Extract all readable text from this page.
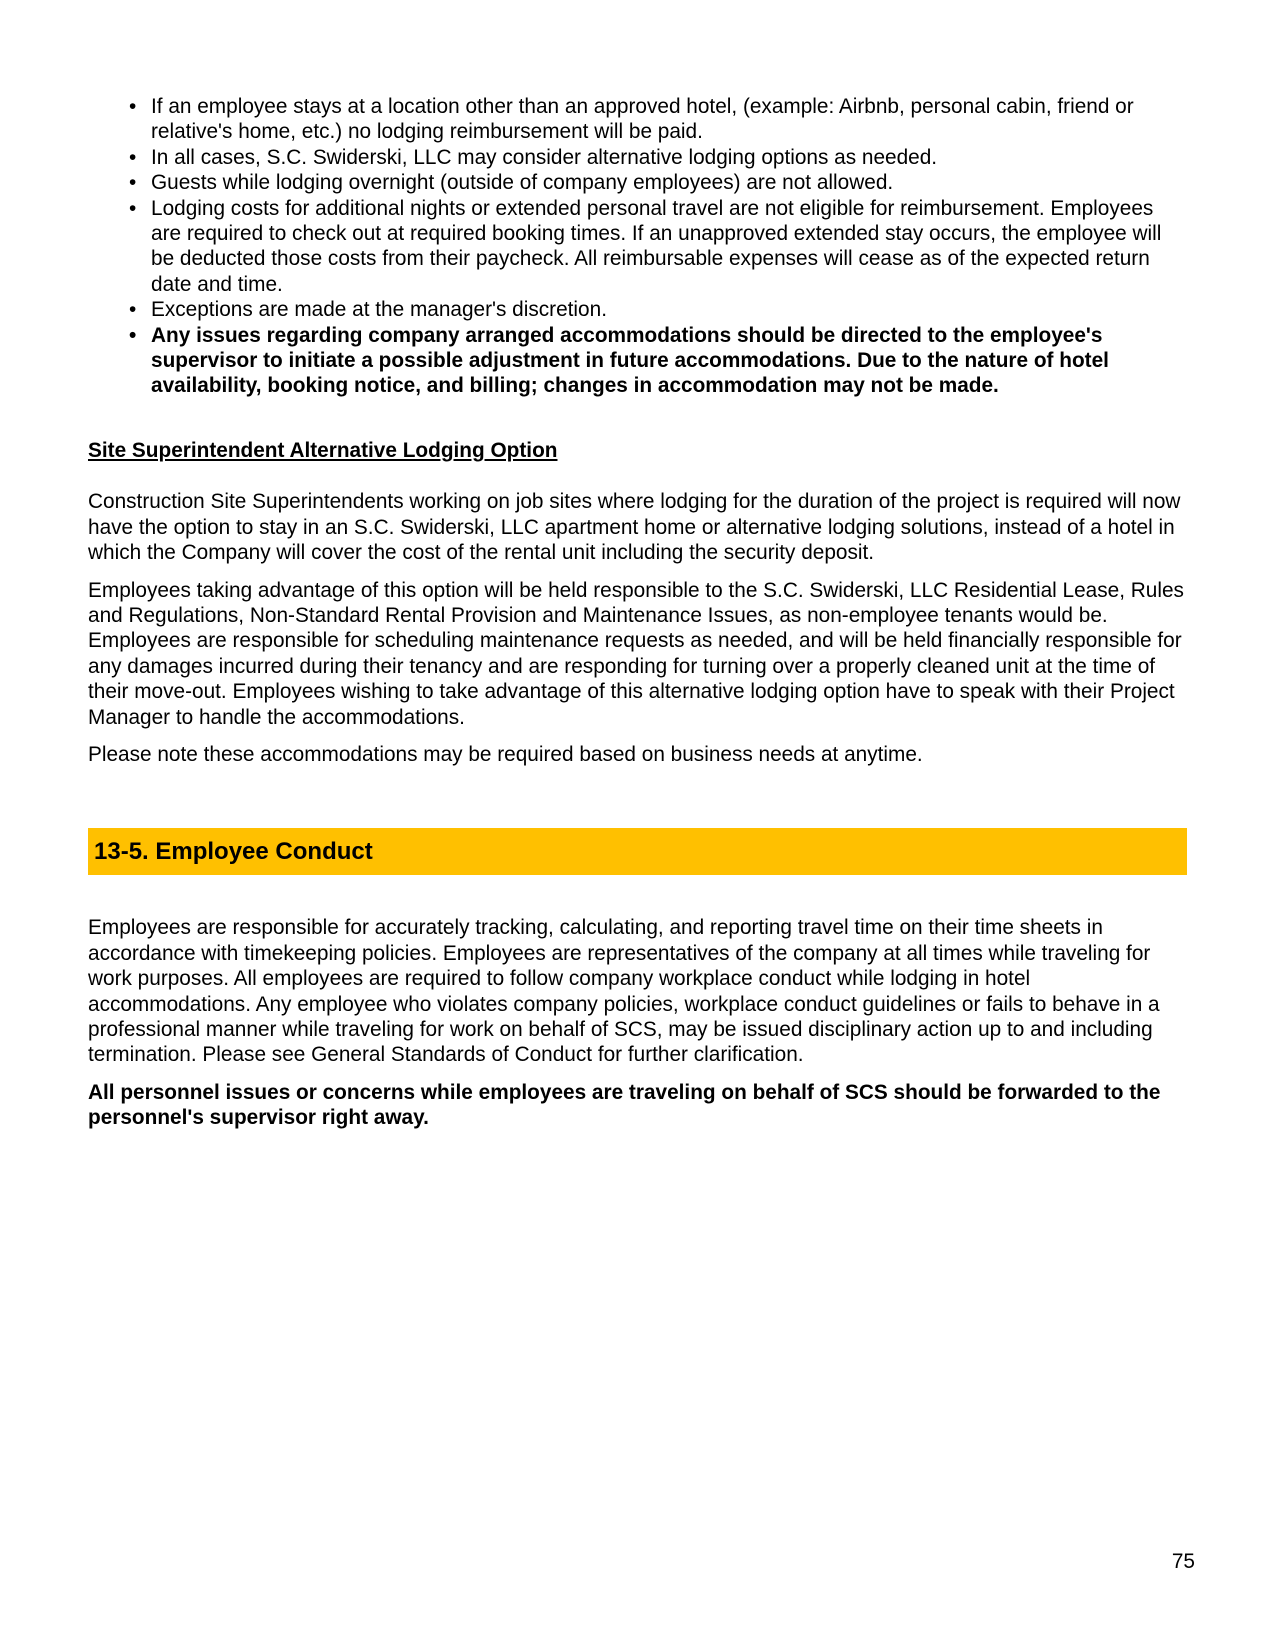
• If an employee stays at a location other than an approved hotel, (example: Airbnb, personal cabin, friend or relative's home, etc.) no lodging reimbursement will be paid.
• In all cases, S.C. Swiderski, LLC may consider alternative lodging options as needed.
• Guests while lodging overnight (outside of company employees) are not allowed.
• Lodging costs for additional nights or extended personal travel are not eligible for reimbursement. Employees are required to check out at required booking times. If an unapproved extended stay occurs, the employee will be deducted those costs from their paycheck. All reimbursable expenses will cease as of the expected return date and time.
• Exceptions are made at the manager's discretion.
• Any issues regarding company arranged accommodations should be directed to the employee's supervisor to initiate a possible adjustment in future accommodations. Due to the nature of hotel availability, booking notice, and billing; changes in accommodation may not be made.
Site Superintendent Alternative Lodging Option

Construction Site Superintendents working on job sites where lodging for the duration of the project is required will now have the option to stay in an S.C. Swiderski, LLC apartment home or alternative lodging solutions, instead of a hotel in which the Company will cover the cost of the rental unit including the security deposit.

Employees taking advantage of this option will be held responsible to the S.C. Swiderski, LLC Residential Lease, Rules and Regulations, Non-Standard Rental Provision and Maintenance Issues, as non-employee tenants would be. Employees are responsible for scheduling maintenance requests as needed, and will be held financially responsible for any damages incurred during their tenancy and are responding for turning over a properly cleaned unit at the time of their move-out. Employees wishing to take advantage of this alternative lodging option have to speak with their Project Manager to handle the accommodations.

Please note these accommodations may be required based on business needs at anytime.

13-5. Employee Conduct

Employees are responsible for accurately tracking, calculating, and reporting travel time on their time sheets in accordance with timekeeping policies. Employees are representatives of the company at all times while traveling for work purposes. All employees are required to follow company workplace conduct while lodging in hotel accommodations. Any employee who violates company policies, workplace conduct guidelines or fails to behave in a professional manner while traveling for work on behalf of SCS, may be issued disciplinary action up to and including termination. Please see General Standards of Conduct for further clarification.

All personnel issues or concerns while employees are traveling on behalf of SCS should be forwarded to the personnel's supervisor right away.

75
